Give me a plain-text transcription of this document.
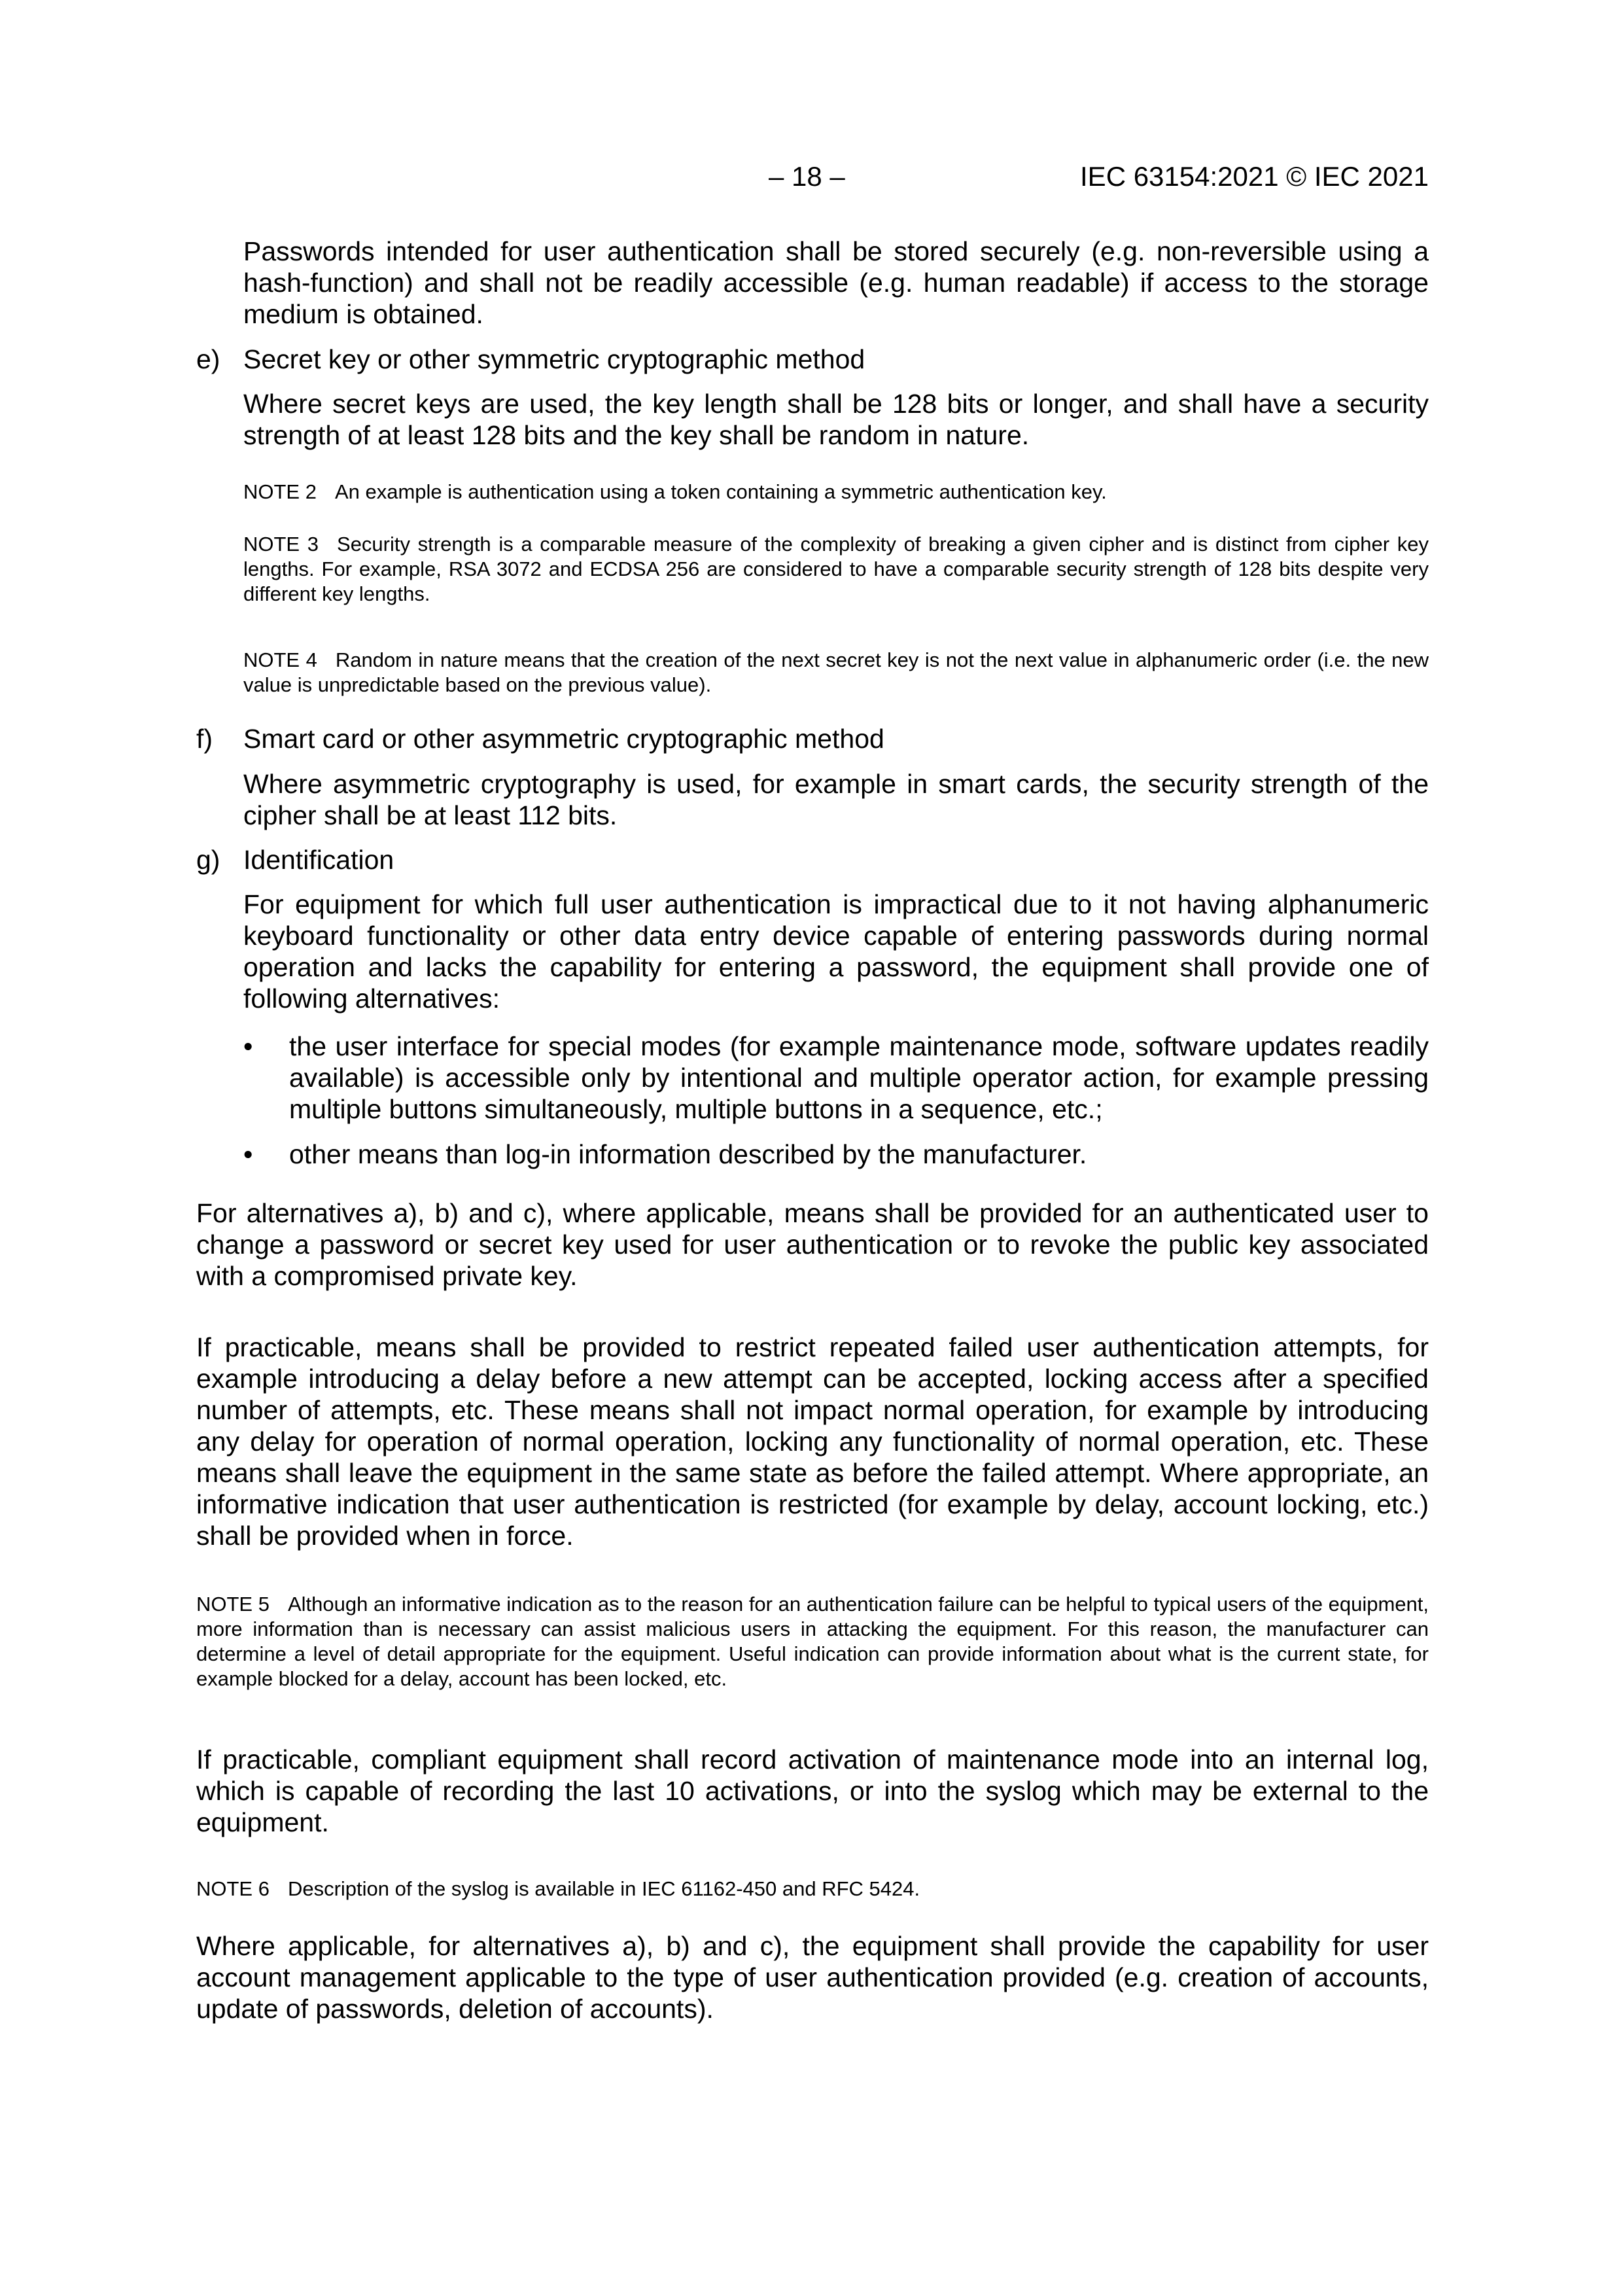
– 18 –	IEC 63154:2021 © IEC 2021
Passwords intended for user authentication shall be stored securely (e.g. non-reversible using a hash-function) and shall not be readily accessible (e.g. human readable) if access to the storage medium is obtained.
e) Secret key or other symmetric cryptographic method
Where secret keys are used, the key length shall be 128 bits or longer, and shall have a security strength of at least 128 bits and the key shall be random in nature.
NOTE 2 An example is authentication using a token containing a symmetric authentication key.
NOTE 3 Security strength is a comparable measure of the complexity of breaking a given cipher and is distinct from cipher key lengths. For example, RSA 3072 and ECDSA 256 are considered to have a comparable security strength of 128 bits despite very different key lengths.
NOTE 4 Random in nature means that the creation of the next secret key is not the next value in alphanumeric order (i.e. the new value is unpredictable based on the previous value).
f) Smart card or other asymmetric cryptographic method
Where asymmetric cryptography is used, for example in smart cards, the security strength of the cipher shall be at least 112 bits.
g) Identification
For equipment for which full user authentication is impractical due to it not having alphanumeric keyboard functionality or other data entry device capable of entering passwords during normal operation and lacks the capability for entering a password, the equipment shall provide one of following alternatives:
• the user interface for special modes (for example maintenance mode, software updates readily available) is accessible only by intentional and multiple operator action, for example pressing multiple buttons simultaneously, multiple buttons in a sequence, etc.;
• other means than log-in information described by the manufacturer.
For alternatives a), b) and c), where applicable, means shall be provided for an authenticated user to change a password or secret key used for user authentication or to revoke the public key associated with a compromised private key.
If practicable, means shall be provided to restrict repeated failed user authentication attempts, for example introducing a delay before a new attempt can be accepted, locking access after a specified number of attempts, etc. These means shall not impact normal operation, for example by introducing any delay for operation of normal operation, locking any functionality of normal operation, etc. These means shall leave the equipment in the same state as before the failed attempt. Where appropriate, an informative indication that user authentication is restricted (for example by delay, account locking, etc.) shall be provided when in force.
NOTE 5 Although an informative indication as to the reason for an authentication failure can be helpful to typical users of the equipment, more information than is necessary can assist malicious users in attacking the equipment. For this reason, the manufacturer can determine a level of detail appropriate for the equipment. Useful indication can provide information about what is the current state, for example blocked for a delay, account has been locked, etc.
If practicable, compliant equipment shall record activation of maintenance mode into an internal log, which is capable of recording the last 10 activations, or into the syslog which may be external to the equipment.
NOTE 6 Description of the syslog is available in IEC 61162-450 and RFC 5424.
Where applicable, for alternatives a), b) and c), the equipment shall provide the capability for user account management applicable to the type of user authentication provided (e.g. creation of accounts, update of passwords, deletion of accounts).
